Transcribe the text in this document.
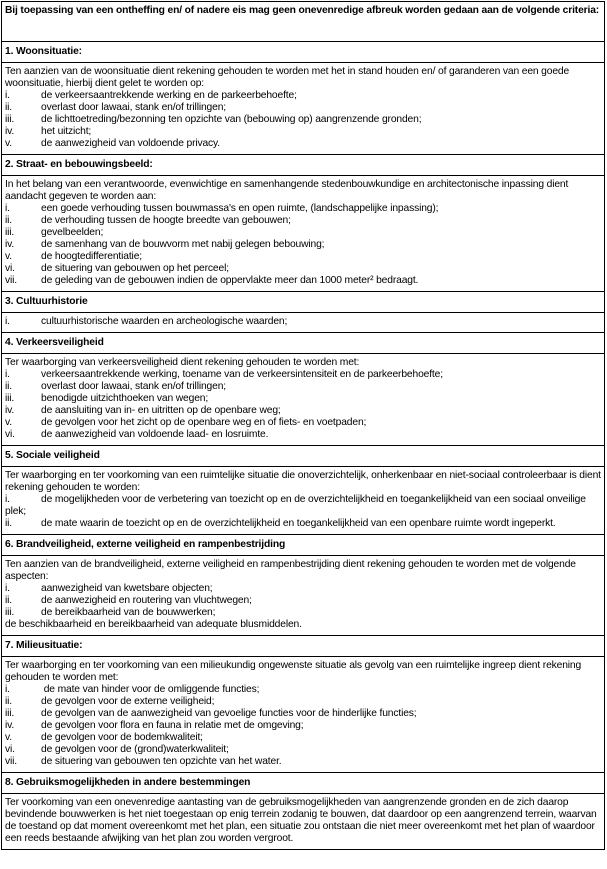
Bij toepassing van een ontheffing en/ of nadere eis mag geen onevenredige afbreuk worden gedaan aan de volgende criteria:
1. Woonsituatie:

Ten aanzien van de woonsituatie dient rekening gehouden te worden met het in stand houden en/ of garanderen van een goede woonsituatie, hierbij dient gelet te worden op:
i.	de verkeersaantrekkende werking en de parkeerbehoefte;
ii.	overlast door lawaai, stank en/of trillingen;
iii.	de lichttoetreding/bezonning ten opzichte van (bebouwing op) aangrenzende gronden;
iv.	het uitzicht;
v.	de aanwezigheid van voldoende privacy.

2. Straat- en bebouwingsbeeld:

In het belang van een verantwoorde, evenwichtige en samenhangende stedenbouwkundige en architectonische inpassing dient aandacht gegeven te worden aan:
i.	een goede verhouding tussen bouwmassa's en open ruimte, (landschappelijke inpassing);
ii.	de verhouding tussen de hoogte breedte van gebouwen;
iii.	gevelbeelden;
iv.	de samenhang van de bouwvorm met nabij gelegen bebouwing;
v.	de hoogtedifferentiatie;
vi.	de situering van gebouwen op het perceel;
vii.	de geleding van de gebouwen indien de oppervlakte meer dan 1000 meter² bedraagt.

3. Cultuurhistorie

i.	cultuurhistorische waarden en archeologische waarden;

4. Verkeersveiligheid

Ter waarborging van verkeersveiligheid dient rekening gehouden te worden met:
i.	verkeersaantrekkende werking, toename van de verkeersintensiteit en de parkeerbehoefte;
ii.	overlast door lawaai, stank en/of trillingen;
iii.	benodigde uitzichthoeken van wegen;
iv.	de aansluiting van in- en uitritten op de openbare weg;
v.	de gevolgen voor het zicht op de openbare weg en of fiets- en voetpaden;
vi.	de aanwezigheid van voldoende laad- en losruimte.

5. Sociale veiligheid

Ter waarborging en ter voorkoming van een ruimtelijke situatie die onoverzichtelijk, onherkenbaar en niet-sociaal controleerbaar is dient rekening gehouden te worden:
i.	de mogelijkheden voor de verbetering van toezicht op en de overzichtelijkheid en toegankelijkheid van een sociaal onveilige plek;
ii.	de mate waarin de toezicht op en de overzichtelijkheid en toegankelijkheid van een openbare ruimte wordt ingeperkt.

6. Brandveiligheid, externe veiligheid en rampenbestrijding

Ten aanzien van de brandveiligheid, externe veiligheid en rampenbestrijding dient rekening gehouden te worden met de volgende aspecten:
i.	aanwezigheid van kwetsbare objecten;
ii.	de aanwezigheid en routering van vluchtwegen;
iii.	de bereikbaarheid van de bouwwerken;
de beschikbaarheid en bereikbaarheid van adequate blusmiddelen.

7. Milieusituatie:

Ter waarborging en ter voorkoming van een milieukundig ongewenste situatie als gevolg van een ruimtelijke ingreep dient rekening gehouden te worden met:
i.	de mate van hinder voor de omliggende functies;
ii.	de gevolgen voor de externe veiligheid;
iii.	de gevolgen van de aanwezigheid van gevoelige functies voor de hinderlijke functies;
iv.	de gevolgen voor flora en fauna in relatie met de omgeving;
v.	de gevolgen voor de bodemkwaliteit;
vi.	de gevolgen voor de (grond)waterkwaliteit;
vii.	de situering van gebouwen ten opzichte van het water.

8. Gebruiksmogelijkheden in andere bestemmingen

Ter voorkoming van een onevenredige aantasting van de gebruiksmogelijkheden van aangrenzende gronden en de zich daarop bevindende bouwwerken is het niet toegestaan op enig terrein zodanig te bouwen, dat daardoor op een aangrenzend terrein, waarvan de toestand op dat moment overeenkomt met het plan, een situatie zou ontstaan die niet meer overeenkomt met het plan of waardoor een reeds bestaande afwijking van het plan zou worden vergroot.
